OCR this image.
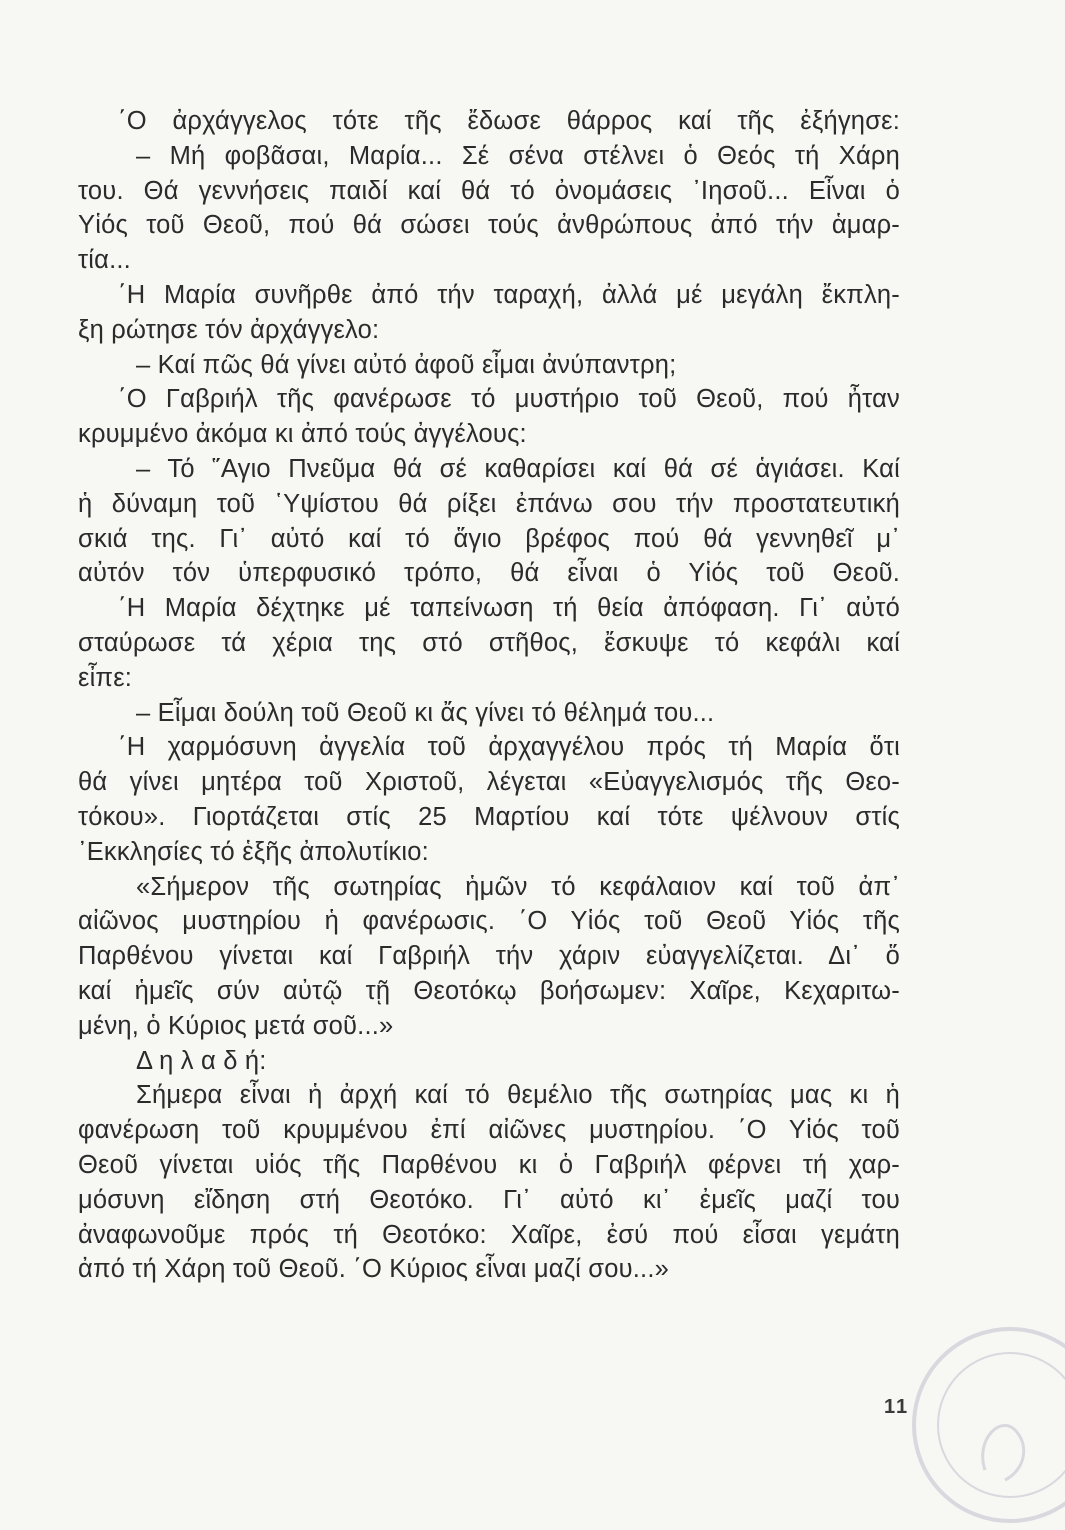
΄Ο ἀρχάγγελος τότε τῆς ἔδωσε θάρρος καί τῆς ἐξήγησε:
– Μή φοβᾶσαι, Μαρία... Σέ σένα στέλνει ὁ Θεός τή Χάρη
του. Θά γεννήσεις παιδί καί θά τό ὀνομάσεις ᾽Ιησοῦ... Εἶναι ὁ
Υἱός τοῦ Θεοῦ, πού θά σώσει τούς ἀνθρώπους ἀπό τήν ἁμαρ-
τία...
΄Η Μαρία συνῆρθε ἀπό τήν ταραχή, ἀλλά μέ μεγάλη ἔκπλη-
ξη ρώτησε τόν ἀρχάγγελο:
– Καί πῶς θά γίνει αὐτό ἀφοῦ εἶμαι ἀνύπαντρη;
΄Ο Γαβριήλ τῆς φανέρωσε τό μυστήριο τοῦ Θεοῦ, πού ἦταν
κρυμμένο ἀκόμα κι ἀπό τούς ἀγγέλους:
– Τό ῞Αγιο Πνεῦμα θά σέ καθαρίσει καί θά σέ ἁγιάσει. Καί
ἡ δύναμη τοῦ ῾Υψίστου θά ρίξει ἐπάνω σου τήν προστατευτική
σκιά της. Γι᾽ αὐτό καί τό ἅγιο βρέφος πού θά γεννηθεῖ μ᾽
αὐτόν τόν ὑπερφυσικό τρόπο, θά εἶναι ὁ Υἱός τοῦ Θεοῦ.
΄Η Μαρία δέχτηκε μέ ταπείνωση τή θεία ἀπόφαση. Γι᾽ αὐτό
σταύρωσε τά χέρια της στό στῆθος, ἔσκυψε τό κεφάλι καί
εἶπε:
– Εἶμαι δούλη τοῦ Θεοῦ κι ἄς γίνει τό θέλημά του...
΄Η χαρμόσυνη ἀγγελία τοῦ ἀρχαγγέλου πρός τή Μαρία ὅτι
θά γίνει μητέρα τοῦ Χριστοῦ, λέγεται «Εὐαγγελισμός τῆς Θεο-
τόκου». Γιορτάζεται στίς 25 Μαρτίου καί τότε ψέλνουν στίς
᾽Εκκλησίες τό ἑξῆς ἀπολυτίκιο:
«Σήμερον τῆς σωτηρίας ἡμῶν τό κεφάλαιον καί τοῦ ἀπ᾽
αἰῶνος μυστηρίου ἡ φανέρωσις. ΄Ο Υἱός τοῦ Θεοῦ Υἱός τῆς
Παρθένου γίνεται καί Γαβριήλ τήν χάριν εὐαγγελίζεται. Δι᾽ ὅ
καί ἡμεῖς σύν αὐτῷ τῇ Θεοτόκῳ βοήσωμεν: Χαῖρε, Κεχαριτω-
μένη, ὁ Κύριος μετά σοῦ...»
Δ η λ α δ ή:
Σήμερα εἶναι ἡ ἀρχή καί τό θεμέλιο τῆς σωτηρίας μας κι ἡ
φανέρωση τοῦ κρυμμένου ἐπί αἰῶνες μυστηρίου. ΄Ο Υἱός τοῦ
Θεοῦ γίνεται υἱός τῆς Παρθένου κι ὁ Γαβριήλ φέρνει τή χαρ-
μόσυνη εἴδηση στή Θεοτόκο. Γι᾽ αὐτό κι᾽ ἐμεῖς μαζί του
ἀναφωνοῦμε πρός τή Θεοτόκο: Χαῖρε, ἐσύ πού εἶσαι γεμάτη
ἀπό τή Χάρη τοῦ Θεοῦ. ΄Ο Κύριος εἶναι μαζί σου...»
11
